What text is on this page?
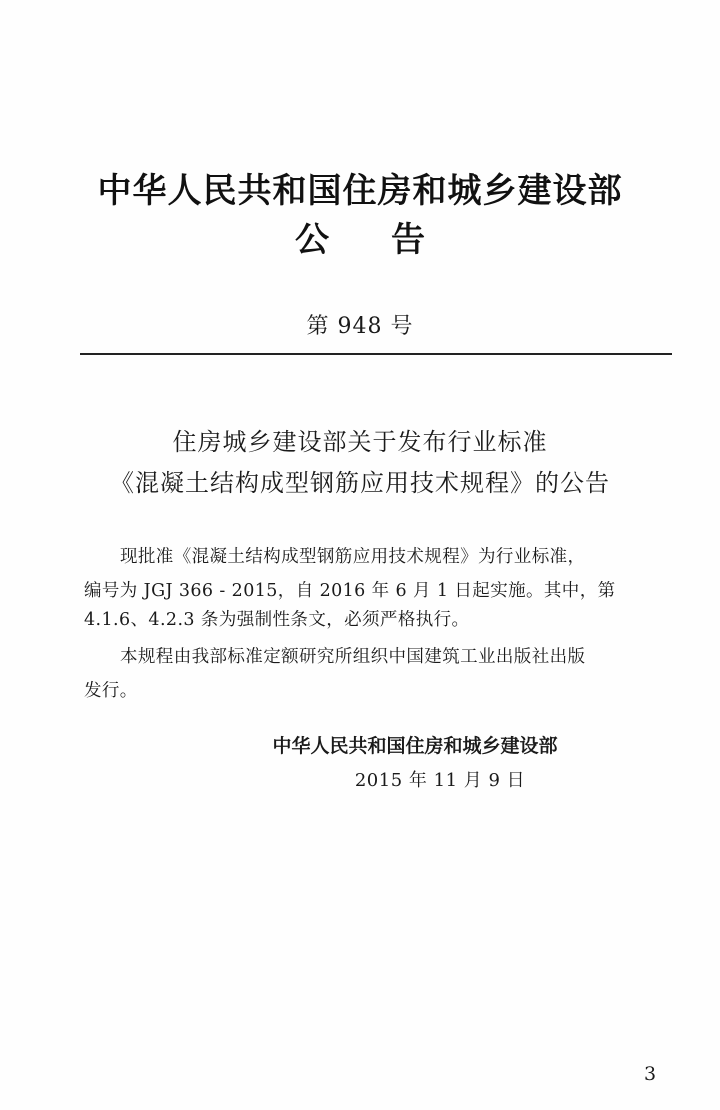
中华人民共和国住房和城乡建设部
公告
第 948 号
住房城乡建设部关于发布行业标准
《混凝土结构成型钢筋应用技术规程》的公告
现批准《混凝土结构成型钢筋应用技术规程》为行业标准，
编号为 JGJ 366 - 2015，自 2016 年 6 月 1 日起实施。其中，第
4.1.6、4.2.3 条为强制性条文，必须严格执行。
本规程由我部标准定额研究所组织中国建筑工业出版社出版
发行。
中华人民共和国住房和城乡建设部
2015 年 11 月 9 日
3
